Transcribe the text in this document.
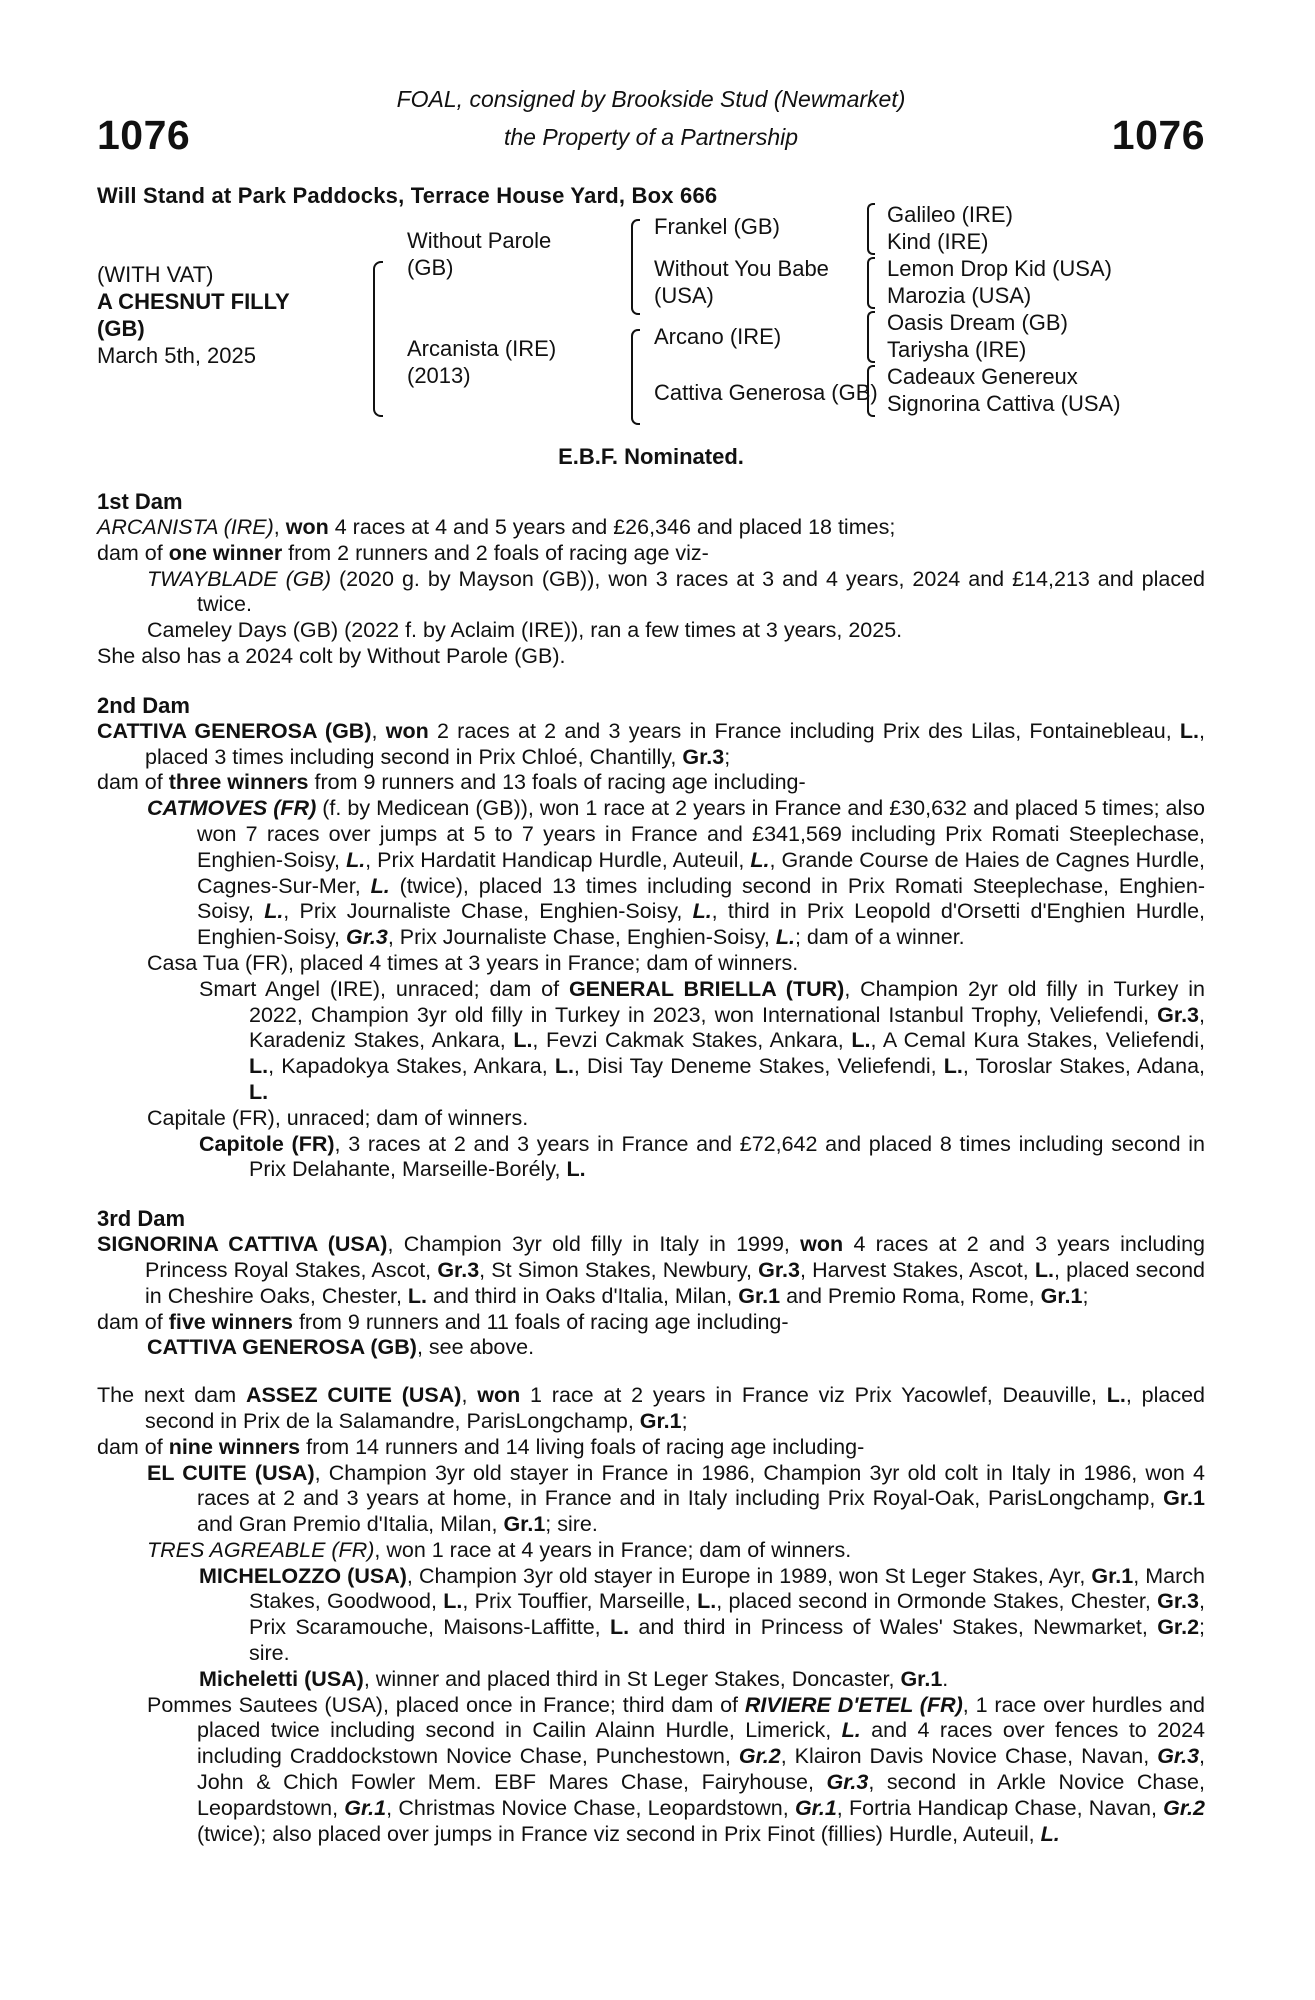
1076
FOAL, consigned by Brookside Stud (Newmarket)
the Property of a Partnership	1076
Will Stand at Park Paddocks, Terrace House Yard, Box 666
(WITH VAT)
A CHESNUT FILLY
(GB)
March 5th, 2025
Without Parole
(GB)
Arcanista (IRE)
(2013)
Frankel (GB)
Without You Babe
(USA)
Arcano (IRE)
Cattiva Generosa (GB)
Galileo (IRE)
Kind (IRE)
Lemon Drop Kid (USA)
Marozia (USA)
Oasis Dream (GB)
Tariysha (IRE)
Cadeaux Genereux
Signorina Cattiva (USA)
E.B.F. Nominated.
1st Dam

ARCANISTA (IRE), won 4 races at 4 and 5 years and £26,346 and placed 18 times;

dam of one winner from 2 runners and 2 foals of racing age viz-

TWAYBLADE (GB) (2020 g. by Mayson (GB)), won 3 races at 3 and 4 years, 2024 and £14,213 and placed twice.

Cameley Days (GB) (2022 f. by Aclaim (IRE)), ran a few times at 3 years, 2025.

She also has a 2024 colt by Without Parole (GB).

2nd Dam

CATTIVA GENEROSA (GB), won 2 races at 2 and 3 years in France including Prix des Lilas, Fontainebleau, L., placed 3 times including second in Prix Chloé, Chantilly, Gr.3;

dam of three winners from 9 runners and 13 foals of racing age including-

CATMOVES (FR) (f. by Medicean (GB)), won 1 race at 2 years in France and £30,632 and placed 5 times; also won 7 races over jumps at 5 to 7 years in France and £341,569 including Prix Romati Steeplechase, Enghien-Soisy, L., Prix Hardatit Handicap Hurdle, Auteuil, L., Grande Course de Haies de Cagnes Hurdle, Cagnes-Sur-Mer, L. (twice), placed 13 times including second in Prix Romati Steeplechase, Enghien-Soisy, L., Prix Journaliste Chase, Enghien-Soisy, L., third in Prix Leopold d'Orsetti d'Enghien Hurdle, Enghien-Soisy, Gr.3, Prix Journaliste Chase, Enghien-Soisy, L.; dam of a winner.

Casa Tua (FR), placed 4 times at 3 years in France; dam of winners.

Smart Angel (IRE), unraced; dam of GENERAL BRIELLA (TUR), Champion 2yr old filly in Turkey in 2022, Champion 3yr old filly in Turkey in 2023, won International Istanbul Trophy, Veliefendi, Gr.3, Karadeniz Stakes, Ankara, L., Fevzi Cakmak Stakes, Ankara, L., A Cemal Kura Stakes, Veliefendi, L., Kapadokya Stakes, Ankara, L., Disi Tay Deneme Stakes, Veliefendi, L., Toroslar Stakes, Adana, L.

Capitale (FR), unraced; dam of winners.

Capitole (FR), 3 races at 2 and 3 years in France and £72,642 and placed 8 times including second in Prix Delahante, Marseille-Borély, L.

3rd Dam

SIGNORINA CATTIVA (USA), Champion 3yr old filly in Italy in 1999, won 4 races at 2 and 3 years including Princess Royal Stakes, Ascot, Gr.3, St Simon Stakes, Newbury, Gr.3, Harvest Stakes, Ascot, L., placed second in Cheshire Oaks, Chester, L. and third in Oaks d'Italia, Milan, Gr.1 and Premio Roma, Rome, Gr.1;

dam of five winners from 9 runners and 11 foals of racing age including-

CATTIVA GENEROSA (GB), see above.

The next dam ASSEZ CUITE (USA), won 1 race at 2 years in France viz Prix Yacowlef, Deauville, L., placed second in Prix de la Salamandre, ParisLongchamp, Gr.1;

dam of nine winners from 14 runners and 14 living foals of racing age including-

EL CUITE (USA), Champion 3yr old stayer in France in 1986, Champion 3yr old colt in Italy in 1986, won 4 races at 2 and 3 years at home, in France and in Italy including Prix Royal-Oak, ParisLongchamp, Gr.1 and Gran Premio d'Italia, Milan, Gr.1; sire.

TRES AGREABLE (FR), won 1 race at 4 years in France; dam of winners.

MICHELOZZO (USA), Champion 3yr old stayer in Europe in 1989, won St Leger Stakes, Ayr, Gr.1, March Stakes, Goodwood, L., Prix Touffier, Marseille, L., placed second in Ormonde Stakes, Chester, Gr.3, Prix Scaramouche, Maisons-Laffitte, L. and third in Princess of Wales' Stakes, Newmarket, Gr.2; sire.

Micheletti (USA), winner and placed third in St Leger Stakes, Doncaster, Gr.1.

Pommes Sautees (USA), placed once in France; third dam of RIVIERE D'ETEL (FR), 1 race over hurdles and placed twice including second in Cailin Alainn Hurdle, Limerick, L. and 4 races over fences to 2024 including Craddockstown Novice Chase, Punchestown, Gr.2, Klairon Davis Novice Chase, Navan, Gr.3, John & Chich Fowler Mem. EBF Mares Chase, Fairyhouse, Gr.3, second in Arkle Novice Chase, Leopardstown, Gr.1, Christmas Novice Chase, Leopardstown, Gr.1, Fortria Handicap Chase, Navan, Gr.2 (twice); also placed over jumps in France viz second in Prix Finot (fillies) Hurdle, Auteuil, L.
